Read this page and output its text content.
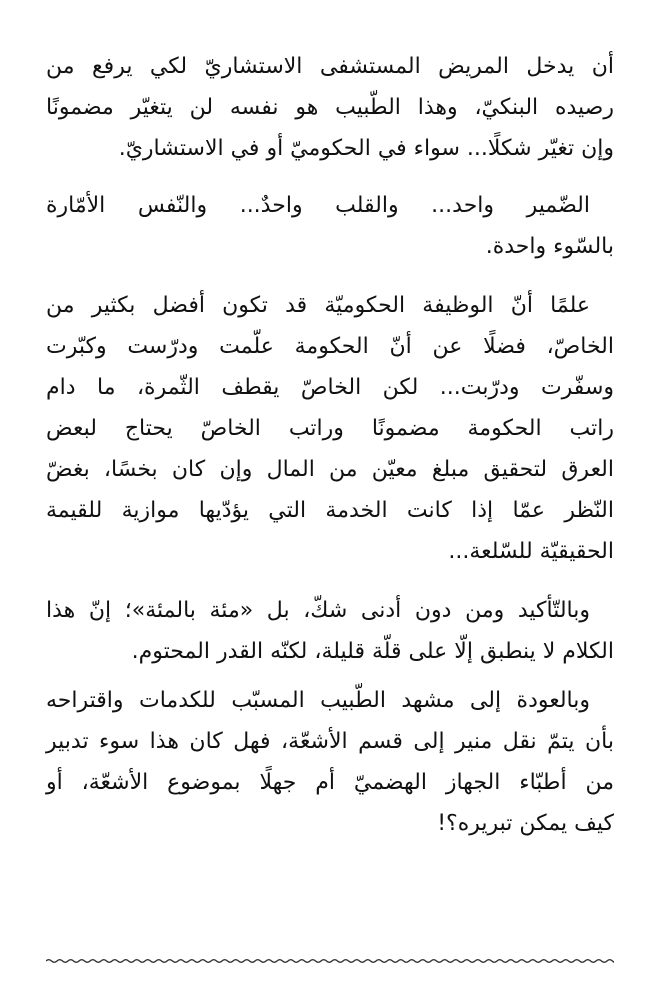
أن يدخل المريض المستشفى الاستشاريّ لكي يرفع من
رصيده البنكيّ، وهذا الطّبيب هو نفسه لن يتغيّر مضمونًا
وإن تغيّر شكلًا... سواء في الحكوميّ أو في الاستشاريّ.

الضّمير واحد... والقلب واحدٌ... والنّفس الأمّارة
بالسّوء واحدة.

علمًا أنّ الوظيفة الحكوميّة قد تكون أفضل بكثير من
الخاصّ، فضلًا عن أنّ الحكومة علّمت ودرّست وكبّرت
وسفّرت ودرّبت... لكن الخاصّ يقطف الثّمرة، ما دام
راتب الحكومة مضمونًا وراتب الخاصّ يحتاج لبعض
العرق لتحقيق مبلغ معيّن من المال وإن كان بخسًا، بغضّ
النّظر عمّا إذا كانت الخدمة التي يؤدّيها موازية للقيمة
الحقيقيّة للسّلعة...

وبالتّأكيد ومن دون أدنى شكّ، بل «مئة بالمئة»؛ إنّ هذا
الكلام لا ينطبق إلّا على قلّة قليلة، لكنّه القدر المحتوم.

وبالعودة إلى مشهد الطّبيب المسبّب للكدمات واقتراحه
بأن يتمّ نقل منير إلى قسم الأشعّة، فهل كان هذا سوء تدبير
من أطبّاء الجهاز الهضميّ أم جهلًا بموضوع الأشعّة، أو
كيف يمكن تبريره؟!
